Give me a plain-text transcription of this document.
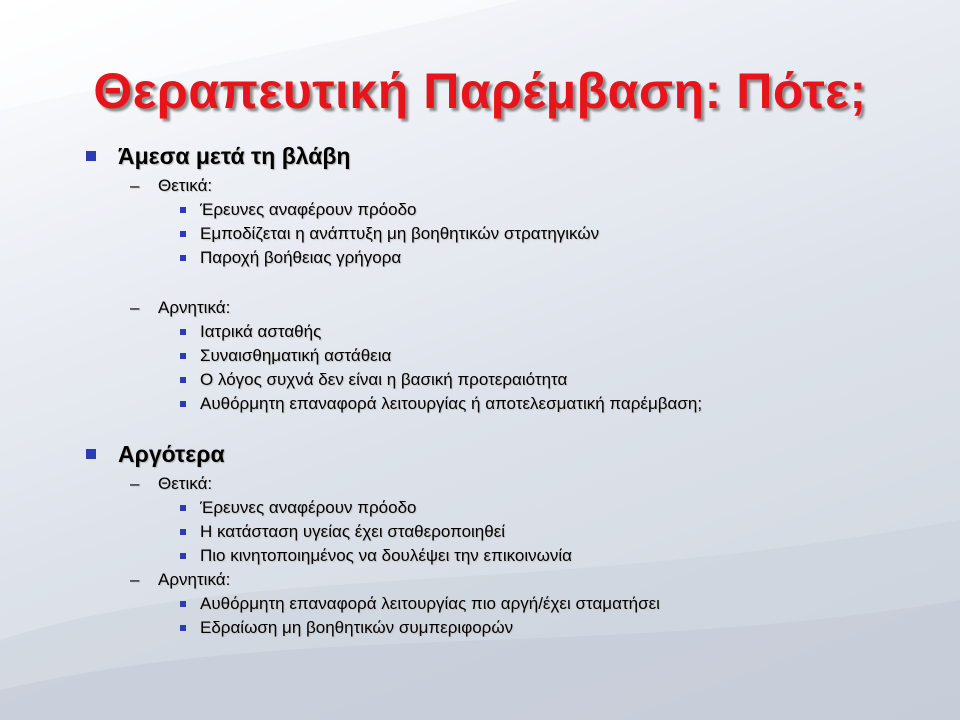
Θεραπευτική Παρέμβαση: Πότε;
Άμεσα μετά τη βλάβη
– Θετικά:
Έρευνες αναφέρουν πρόοδο
Εμποδίζεται η ανάπτυξη μη βοηθητικών στρατηγικών
Παροχή βοήθειας γρήγορα
– Αρνητικά:
Ιατρικά ασταθής
Συναισθηματική αστάθεια
Ο λόγος συχνά δεν είναι η βασική προτεραιότητα
Αυθόρμητη επαναφορά λειτουργίας ή αποτελεσματική παρέμβαση;
Αργότερα
– Θετικά:
Έρευνες αναφέρουν πρόοδο
Η κατάσταση υγείας έχει σταθεροποιηθεί
Πιο κινητοποιημένος να δουλέψει την επικοινωνία
– Αρνητικά:
Αυθόρμητη επαναφορά λειτουργίας πιο αργή/έχει σταματήσει
Εδραίωση μη βοηθητικών συμπεριφορών
